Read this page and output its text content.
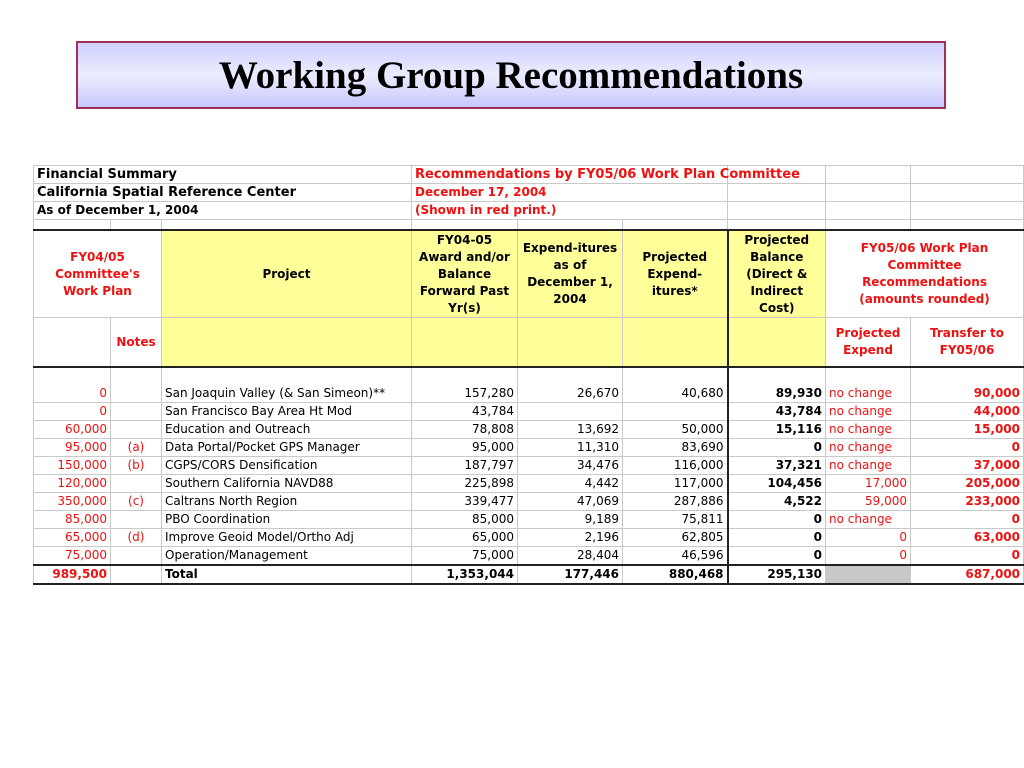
Working Group Recommendations
Financial Summary			Recommendations by FY05/06 Work Plan Committee					
California Spatial Reference Center			December 17, 2004					
As of December 1, 2004			(Shown in red print.)					

FY04/05 Committee's Work Plan		Project	FY04-05 Award and/or Balance Forward Past Yr(s)	Expend-itures as of December 1, 2004	Projected Expend-itures*	Projected Balance (Direct & Indirect Cost)	FY05/06 Work Plan Committee Recommendations (amounts rounded)	
	Notes						Projected Expend	Transfer to FY05/06
0		San Joaquin Valley (& San Simeon)**	157,280	26,670	40,680	89,930	no change	90,000
0		San Francisco Bay Area Ht Mod	43,784			43,784	no change	44,000
60,000		Education and Outreach	78,808	13,692	50,000	15,116	no change	15,000
95,000	(a)	Data Portal/Pocket GPS Manager	95,000	11,310	83,690	0	no change	0
150,000	(b)	CGPS/CORS Densification	187,797	34,476	116,000	37,321	no change	37,000
120,000		Southern California NAVD88	225,898	4,442	117,000	104,456	17,000	205,000
350,000	(c)	Caltrans North Region	339,477	47,069	287,886	4,522	59,000	233,000
85,000		PBO Coordination	85,000	9,189	75,811	0	no change	0
65,000	(d)	Improve Geoid Model/Ortho Adj	65,000	2,196	62,805	0	0	63,000
75,000		Operation/Management	75,000	28,404	46,596	0	0	0
989,500		Total	1,353,044	177,446	880,468	295,130		687,000
